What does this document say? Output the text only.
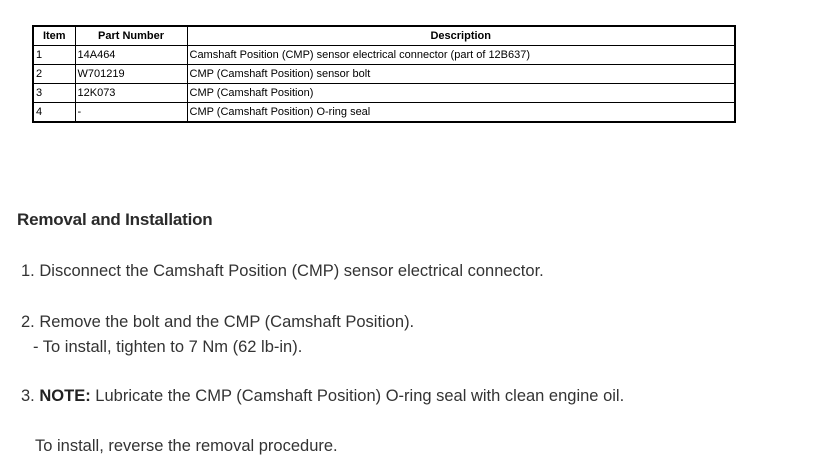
Item	Part Number	Description
1	14A464	Camshaft Position (CMP) sensor electrical connector (part of 12B637)
2	W701219	CMP (Camshaft Position) sensor bolt
3	12K073	CMP (Camshaft Position)
4	-	CMP (Camshaft Position) O-ring seal
Removal and Installation
1. Disconnect the Camshaft Position (CMP) sensor electrical connector.
2. Remove the bolt and the CMP (Camshaft Position).
- To install, tighten to 7 Nm (62 lb-in).
3. NOTE: Lubricate the CMP (Camshaft Position) O-ring seal with clean engine oil.
To install, reverse the removal procedure.
